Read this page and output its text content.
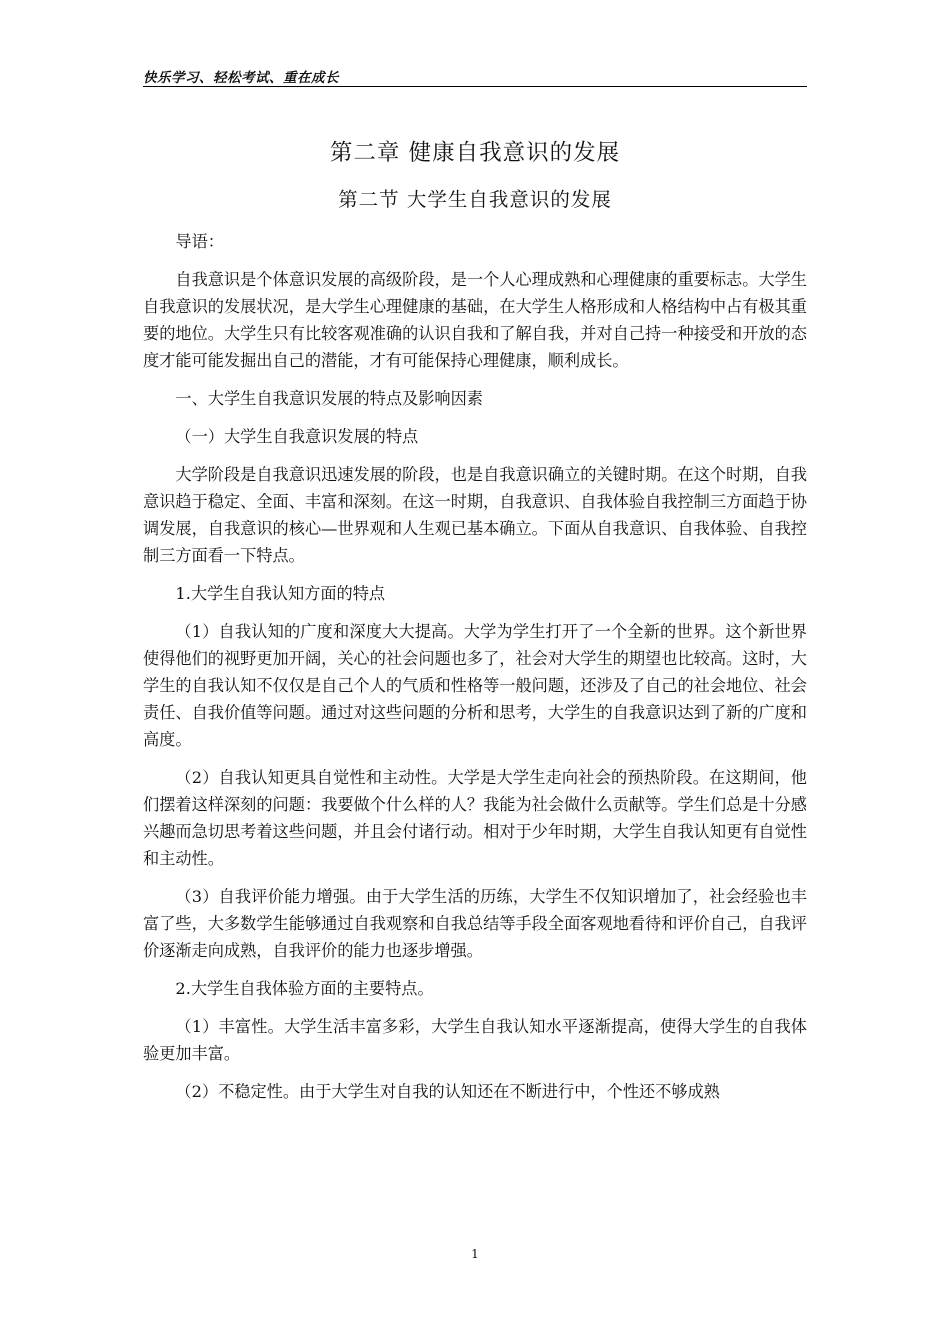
快乐学习、轻松考试、重在成长
第二章 健康自我意识的发展
第二节 大学生自我意识的发展

导语：

自我意识是个体意识发展的高级阶段，是一个人心理成熟和心理健康的重要标志。大学生自我意识的发展状况，是大学生心理健康的基础，在大学生人格形成和人格结构中占有极其重要的地位。大学生只有比较客观准确的认识自我和了解自我，并对自己持一种接受和开放的态度才能可能发掘出自己的潜能，才有可能保持心理健康，顺利成长。

一、大学生自我意识发展的特点及影响因素

（一）大学生自我意识发展的特点

大学阶段是自我意识迅速发展的阶段，也是自我意识确立的关键时期。在这个时期，自我意识趋于稳定、全面、丰富和深刻。在这一时期，自我意识、自我体验自我控制三方面趋于协调发展，自我意识的核心—世界观和人生观已基本确立。下面从自我意识、自我体验、自我控制三方面看一下特点。

1.大学生自我认知方面的特点

（1）自我认知的广度和深度大大提高。大学为学生打开了一个全新的世界。这个新世界使得他们的视野更加开阔，关心的社会问题也多了，社会对大学生的期望也比较高。这时，大学生的自我认知不仅仅是自己个人的气质和性格等一般问题，还涉及了自己的社会地位、社会责任、自我价值等问题。通过对这些问题的分析和思考，大学生的自我意识达到了新的广度和高度。

（2）自我认知更具自觉性和主动性。大学是大学生走向社会的预热阶段。在这期间，他们摆着这样深刻的问题：我要做个什么样的人？我能为社会做什么贡献等。学生们总是十分感兴趣而急切思考着这些问题，并且会付诸行动。相对于少年时期，大学生自我认知更有自觉性和主动性。

（3）自我评价能力增强。由于大学生活的历练，大学生不仅知识增加了，社会经验也丰富了些，大多数学生能够通过自我观察和自我总结等手段全面客观地看待和评价自己，自我评价逐渐走向成熟，自我评价的能力也逐步增强。

2.大学生自我体验方面的主要特点。

（1）丰富性。大学生活丰富多彩，大学生自我认知水平逐渐提高，使得大学生的自我体验更加丰富。

（2）不稳定性。由于大学生对自我的认知还在不断进行中，个性还不够成熟

1
